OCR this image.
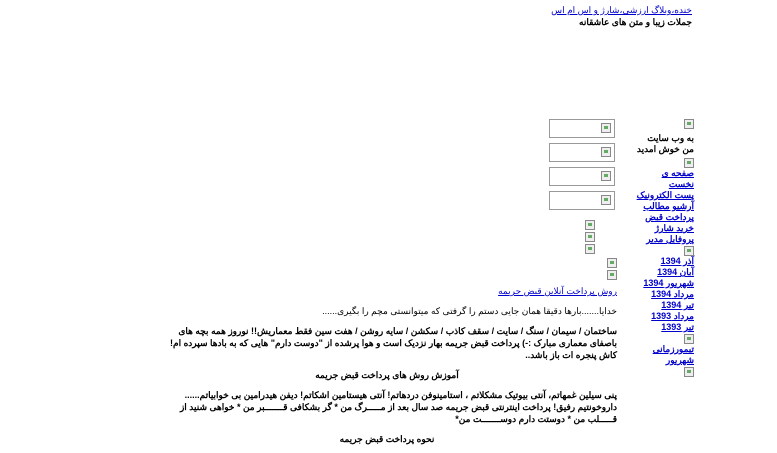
خنده،وبلاگ ارزشی،شارژ و اس ام اس
جملات زیبا و متن های عاشقانه
به وب سایت من خوش امدید
صفحه ی نخست
پست الکترونیک
آرشیو مطالب
پرداخت قبض
خرید شارژ
پروفایل مدیر
آذر 1394
آبان 1394
شهریور 1394
مرداد 1394
تیر 1394
مرداد 1393
تیر 1393
تیمورزمانی شهریور

روش پرداخت آنلاین قبض جریمه

خدایا.......بارها دقیقا همان جایی دستم را گرفتی که میتوانستی مچم را بگیری......

ساختمان / سیمان / سنگ / سایت / سقف کاذب / سکشن / سایه روشن / هفت سین فقط معماریش!! نوروز همه بچه های باصفای معماری مبارک :-) پرداخت قبض جریمه بهار نزدیک است و هوا پرشده از "دوست دارم" هایی که به بادها سپرده ام! کاش پنجره ات باز باشد..

آموزش روش های پرداخت قبض جریمه

پنی سیلین غمهاتم، آنتی بیوتیک مشکلاتم ، استامینوفن دردهاتم! آنتی هیستامین اشکاتم! دیفن هیدرامین بی خوابیاتم...... داروخونتیم رفیق! پرداخت اینترنتی قبض جریمه صد سال بعد از مـــــرگ من * گر بشکافی قـــــــبر من * خواهی شنید از قـــــلب من * دوستت دارم دوســـــــت من*

نحوه پرداخت قبض جریمه
